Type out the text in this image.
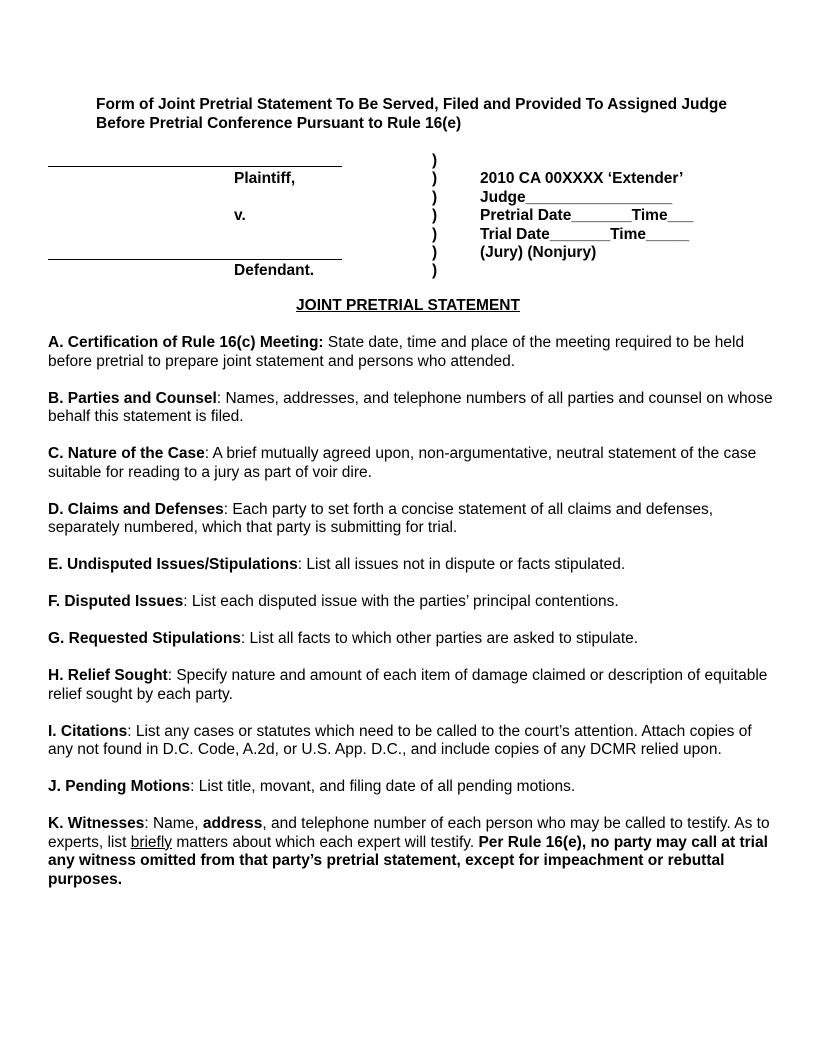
Form of Joint Pretrial Statement To Be Served, Filed and Provided To Assigned Judge
Before Pretrial Conference Pursuant to Rule 16(e)
Plaintiff,
v.
Defendant.
)
)
)
)
)
)
)
2010 CA 00XXXX ‘Extender’
Judge_________________
Pretrial Date_______Time___
Trial Date_______Time_____
(Jury) (Nonjury)
JOINT PRETRIAL STATEMENT

A. Certification of Rule 16(c) Meeting: State date, time and place of the meeting required to be held before pretrial to prepare joint statement and persons who attended.

B. Parties and Counsel: Names, addresses, and telephone numbers of all parties and counsel on whose behalf this statement is filed.

C. Nature of the Case: A brief mutually agreed upon, non-argumentative, neutral statement of the case suitable for reading to a jury as part of voir dire.

D. Claims and Defenses: Each party to set forth a concise statement of all claims and defenses, separately numbered, which that party is submitting for trial.

E. Undisputed Issues/Stipulations: List all issues not in dispute or facts stipulated.

F. Disputed Issues: List each disputed issue with the parties’ principal contentions.

G. Requested Stipulations: List all facts to which other parties are asked to stipulate.

H. Relief Sought: Specify nature and amount of each item of damage claimed or description of equitable relief sought by each party.

I. Citations: List any cases or statutes which need to be called to the court’s attention. Attach copies of any not found in D.C. Code, A.2d, or U.S. App. D.C., and include copies of any DCMR relied upon.

J. Pending Motions: List title, movant, and filing date of all pending motions.

K. Witnesses: Name, address, and telephone number of each person who may be called to testify. As to experts, list briefly matters about which each expert will testify. Per Rule 16(e), no party may call at trial any witness omitted from that party’s pretrial statement, except for impeachment or rebuttal purposes.
